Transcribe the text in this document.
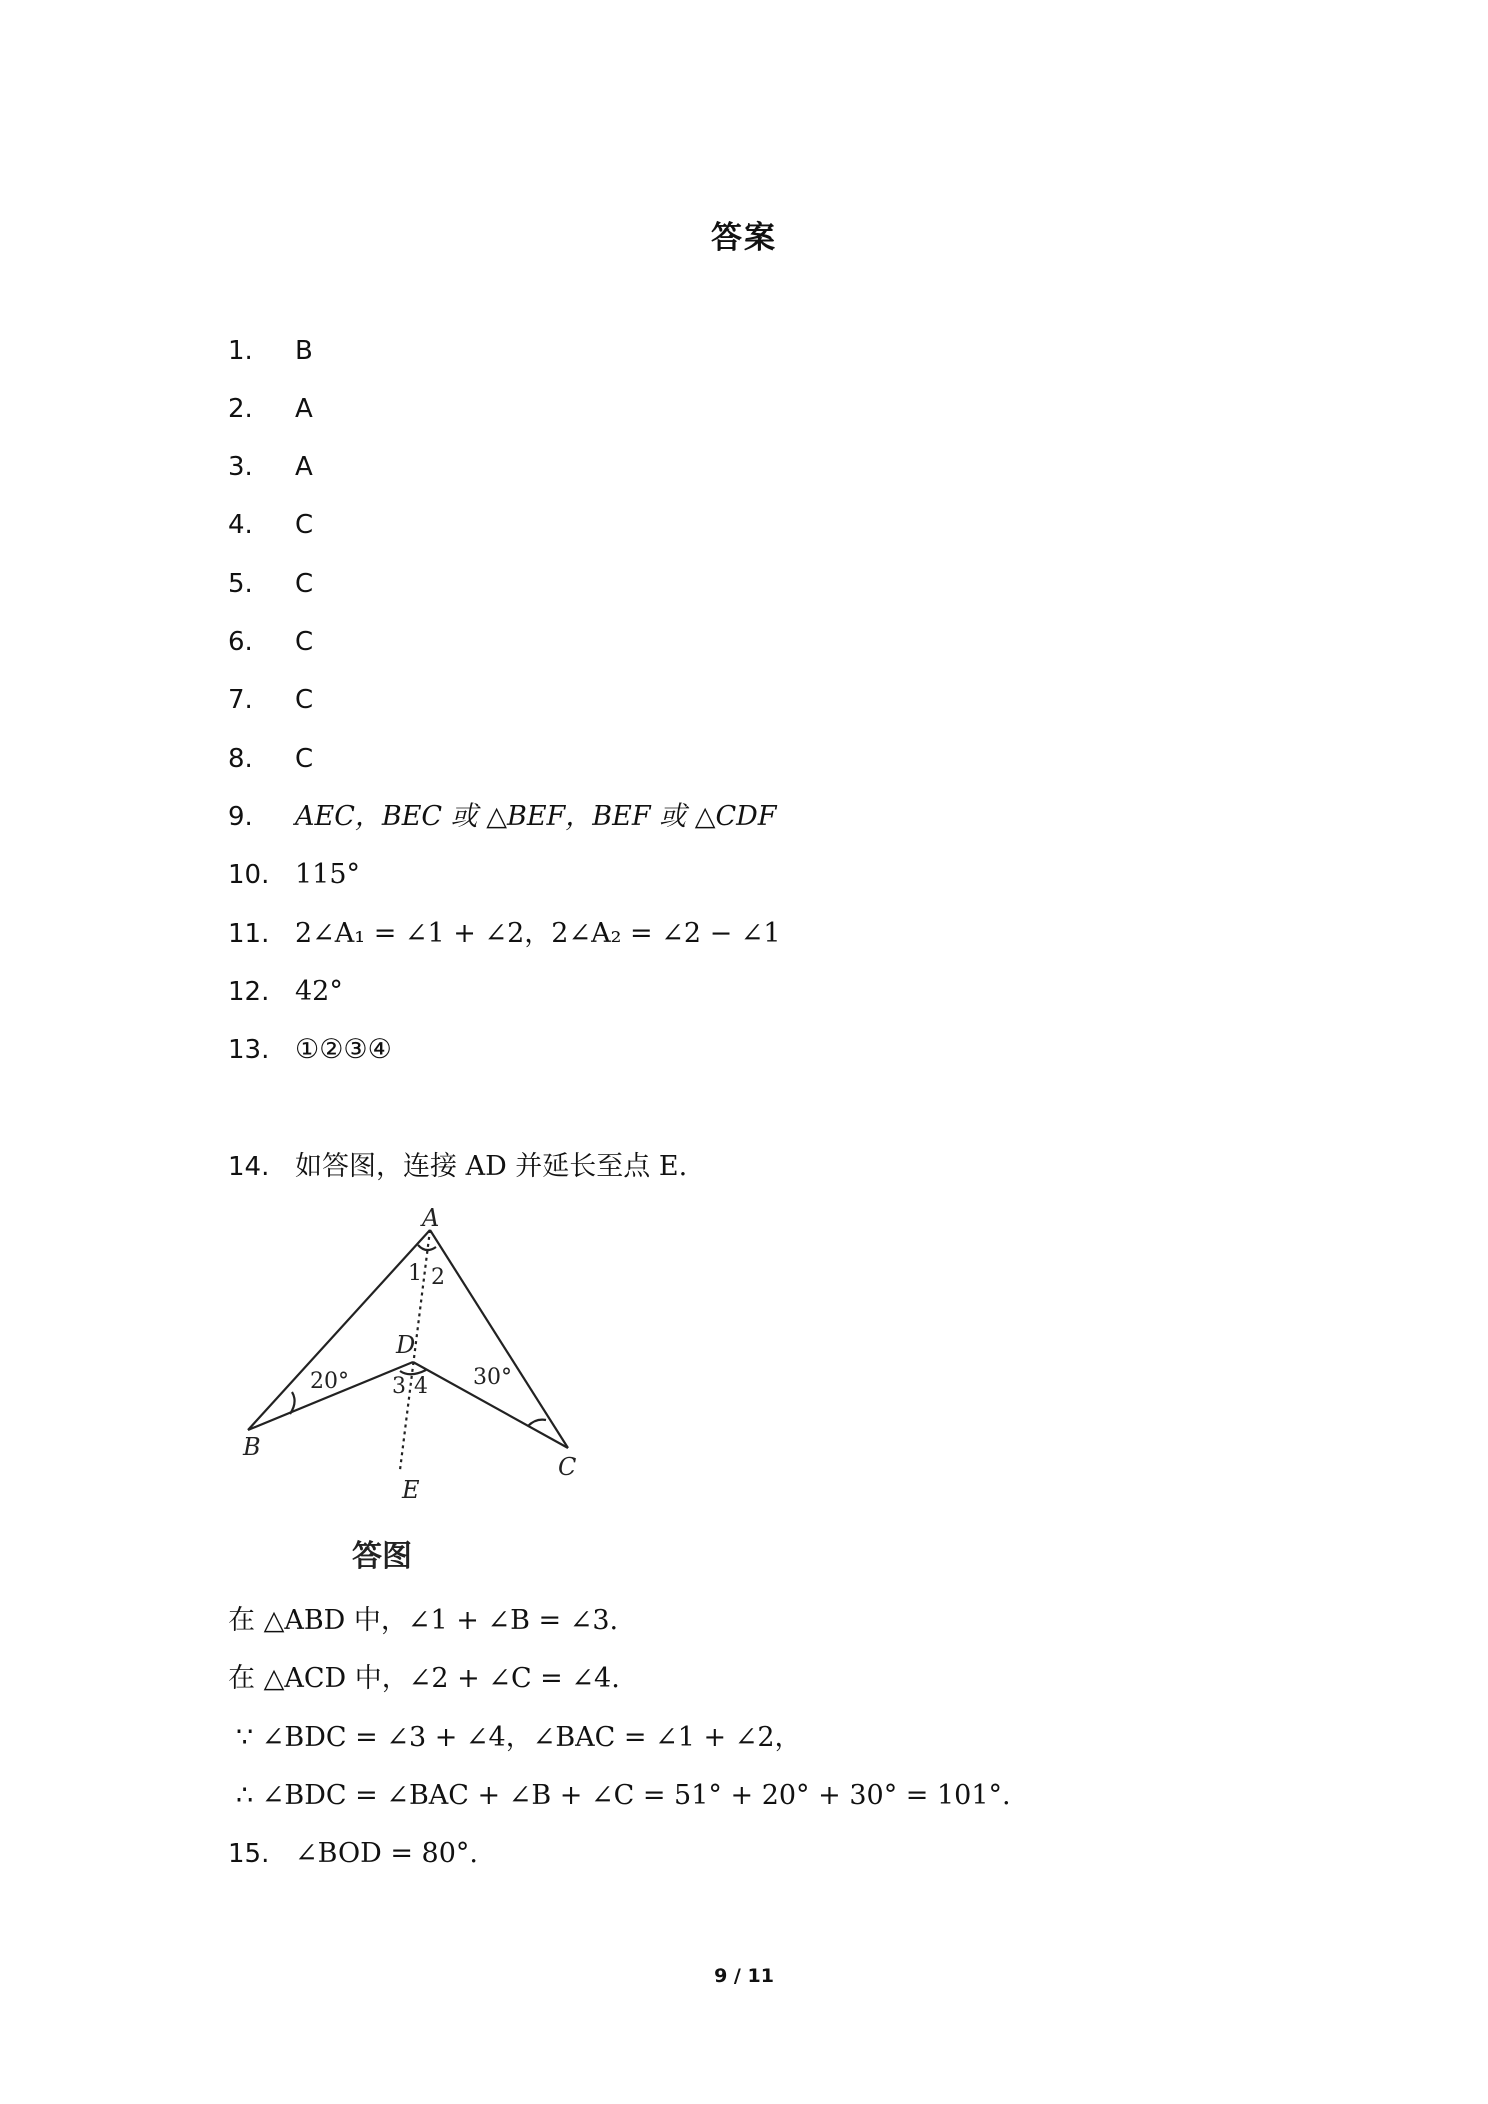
答案
1. B
2. A
3. A
4. C
5. C
6. C
7. C
8. C
9. AEC，BEC 或 △BEF，BEF 或 △CDF
10. 115°
11. 2∠A₁ = ∠1 + ∠2，2∠A₂ = ∠2 − ∠1
12. 42°
13. ①②③④
14. 如答图，连接 AD 并延长至点 E.
A
B
C
D
E
1 2
3 4
20°	30°
答图
在 △ABD 中，∠1 + ∠B = ∠3.
在 △ACD 中，∠2 + ∠C = ∠4.
∵ ∠BDC = ∠3 + ∠4，∠BAC = ∠1 + ∠2，
∴ ∠BDC = ∠BAC + ∠B + ∠C = 51° + 20° + 30° = 101°.
15. ∠BOD = 80°.
9 / 11
